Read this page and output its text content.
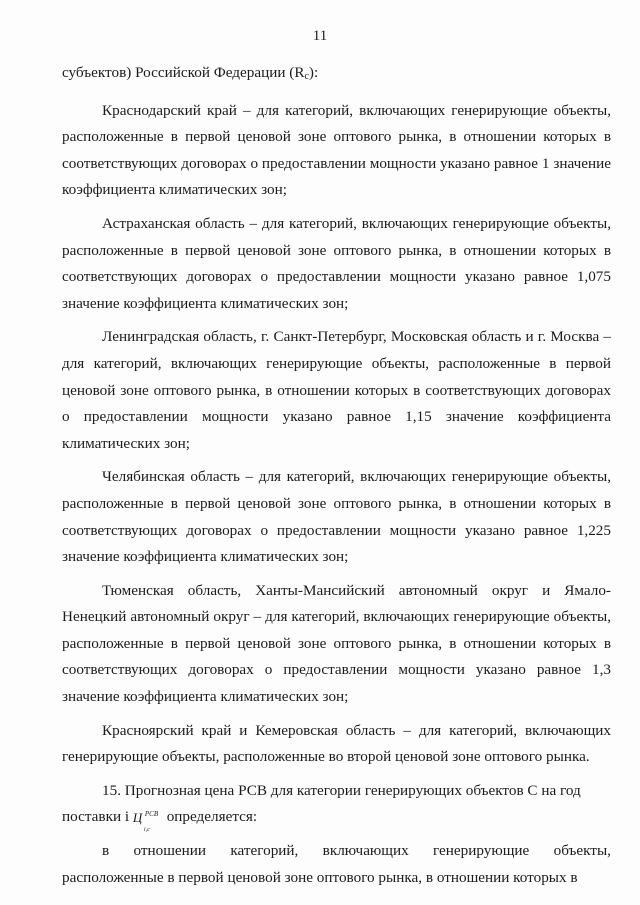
11

субъектов) Российской Федерации $(R_c)$:

Краснодарский край – для категорий, включающих генерирующие объекты, расположенные в первой ценовой зоне оптового рынка, в отношении которых в соответствующих договорах о предоставлении мощности указано равное 1 значение коэффициента климатических зон;

Астраханская область – для категорий, включающих генерирующие объекты, расположенные в первой ценовой зоне оптового рынка, в отношении которых в соответствующих договорах о предоставлении мощности указано равное 1,075 значение коэффициента климатических зон;

Ленинградская область, г. Санкт-Петербург, Московская область и г. Москва – для категорий, включающих генерирующие объекты, расположенные в первой ценовой зоне оптового рынка, в отношении которых в соответствующих договорах о предоставлении мощности указано равное 1,15 значение коэффициента климатических зон;

Челябинская область – для категорий, включающих генерирующие объекты, расположенные в первой ценовой зоне оптового рынка, в отношении которых в соответствующих договорах о предоставлении мощности указано равное 1,225 значение коэффициента климатических зон;

Тюменская область, Ханты-Мансийский автономный округ и Ямало-Ненецкий автономный округ – для категорий, включающих генерирующие объекты, расположенные в первой ценовой зоне оптового рынка, в отношении которых в соответствующих договорах о предоставлении мощности указано равное 1,3 значение коэффициента климатических зон;

Красноярский край и Кемеровская область – для категорий, включающих генерирующие объекты, расположенные во второй ценовой зоне оптового рынка.

15. Прогнозная цена РСВ для категории генерирующих объектов С на год

поставки i Ц РСВ
i,c
определяется:

в отношении категорий, включающих генерирующие объекты,

расположенные в первой ценовой зоне оптового рынка, в отношении которых в
